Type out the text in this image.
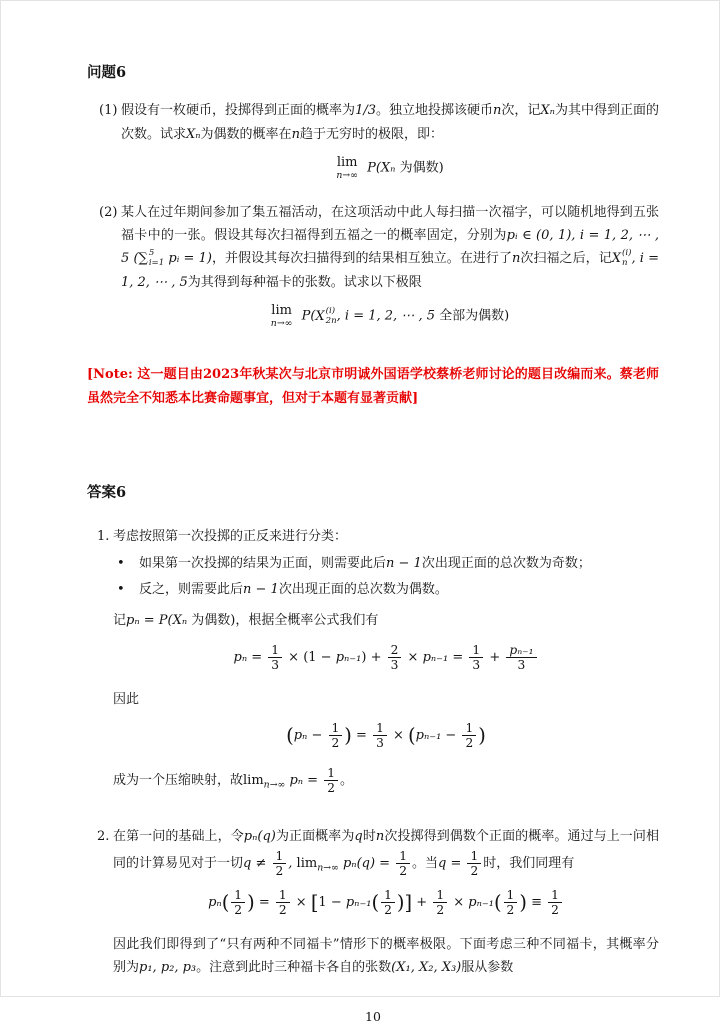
问题6
(1) 假设有一枚硬币，投掷得到正面的概率为1/3。独立地投掷该硬币n次，记Xₙ为其中得到正面的次数。试求Xₙ为偶数的概率在n趋于无穷时的极限，即：

lim
n→∞ P(Xₙ 为偶数)
(2) 某人在过年期间参加了集五福活动，在这项活动中此人每扫描一次福字，可以随机地得到五张福卡中的一张。假设其每次扫福得到五福之一的概率固定，分别为pᵢ ∈ (0, 1), i = 1, 2, ⋯ , 5 ( ∑ 5
i=1 pᵢ = 1)，并假设其每次扫描得到的结果相互独立。在进行了n次扫福之后，记 X (i)
n , i = 1, 2, ⋯ , 5为其得到每种福卡的张数。试求以下极限

lim
n→∞ P( X (i)
2n , i = 1, 2, ⋯ , 5 全部为偶数)

[Note: 这一题目由2023年秋某次与北京市明诚外国语学校蔡桥老师讨论的题目改编而来。蔡老师虽然完全不知悉本比赛命题事宜，但对于本题有显著贡献]

答案6
1. 考虑按照第一次投掷的正反来进行分类：

•	如果第一次投掷的结果为正面，则需要此后n − 1次出现正面的总次数为奇数；
•	反之，则需要此后n − 1次出现正面的总次数为偶数。

记pₙ = P(Xₙ 为偶数)，根据全概率公式我们有

$p_n = \frac{1}{3} \times (1 - p_{n-1}) + \frac{2}{3} \times p_{n-1} = \frac{1}{3} + \frac{\text{pₙ₋₁}}{3}$

因此

($p_n - \frac{1}{2}$ ) = $\frac{1}{3} \times (p_{n-1} - \frac{1}{2}$ )

成为一个压缩映射，故$\lim_{n\to\infty} p_n = \frac{1}{2}$ 。

2. 在第一问的基础上，令pₙ(q)为正面概率为q时n次投掷得到偶数个正面的概率。通过与上一问相同的计算易见对于一切$q \ne \frac{1}{2}$ , $\lim_{n\to\infty} p_n(q) = \frac{1}{2}$ 。当$q = \frac{1}{2}$ 时，我们同理有

$p_n( \frac{1}{2}$ ) = $\frac{1}{2} \times [1 - p_{n-1}( \frac{1}{2}$ )] + $\frac{1}{2} \times p_{n-1}( \frac{1}{2}$ ) ≡ $\frac{1}{2}$

因此我们即得到了“只有两种不同福卡”情形下的概率极限。下面考虑三种不同福卡，其概率分别为p₁, p₂, p₃。注意到此时三种福卡各自的张数(X₁, X₂, X₃)服从参数

10
